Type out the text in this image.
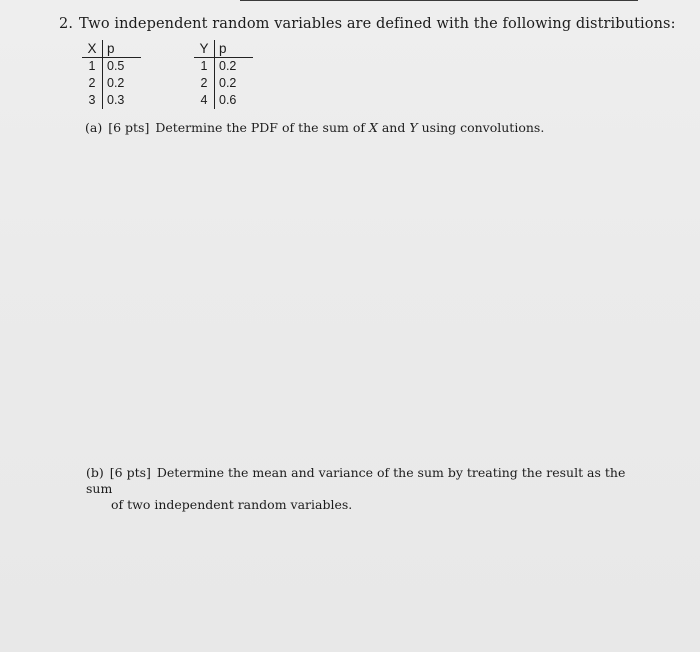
2. Two independent random variables are defined with the following distributions:
X	p
1	0.5
2	0.2
3	0.3
Y	p
1	0.2
2	0.2
4	0.6
(a) [6 pts] Determine the PDF of the sum of X and Y using convolutions.
(b) [6 pts] Determine the mean and variance of the sum by treating the result as the sum
of two independent random variables.
